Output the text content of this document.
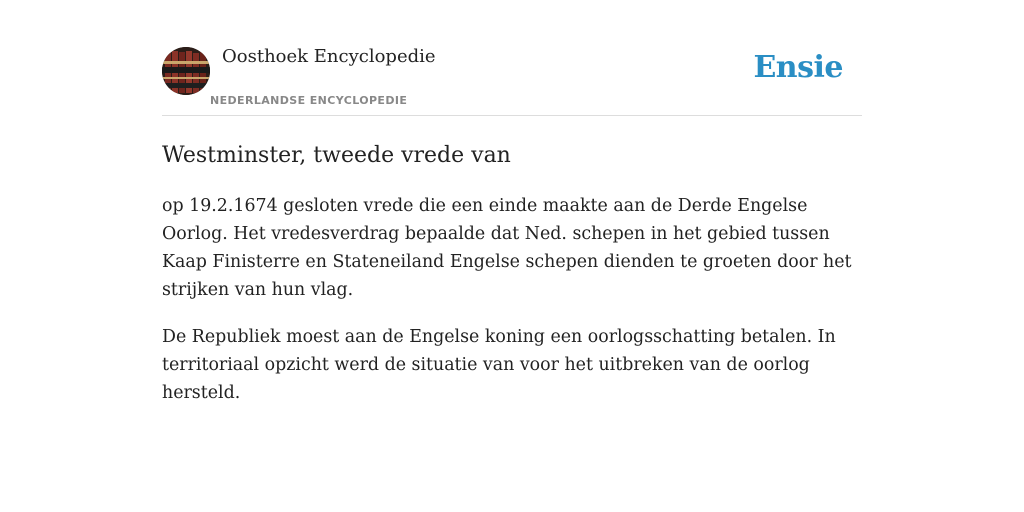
Oosthoek Encyclopedie
NEDERLANDSE ENCYCLOPEDIE
Ensie
Westminster, tweede vrede van

op 19.2.1674 gesloten vrede die een einde maakte aan de Derde Engelse Oorlog. Het vredesverdrag bepaalde dat Ned. schepen in het gebied tussen Kaap Finisterre en Stateneiland Engelse schepen dienden te groeten door het strijken van hun vlag.

De Republiek moest aan de Engelse koning een oorlogsschatting betalen. In territoriaal opzicht werd de situatie van voor het uitbreken van de oorlog hersteld.
